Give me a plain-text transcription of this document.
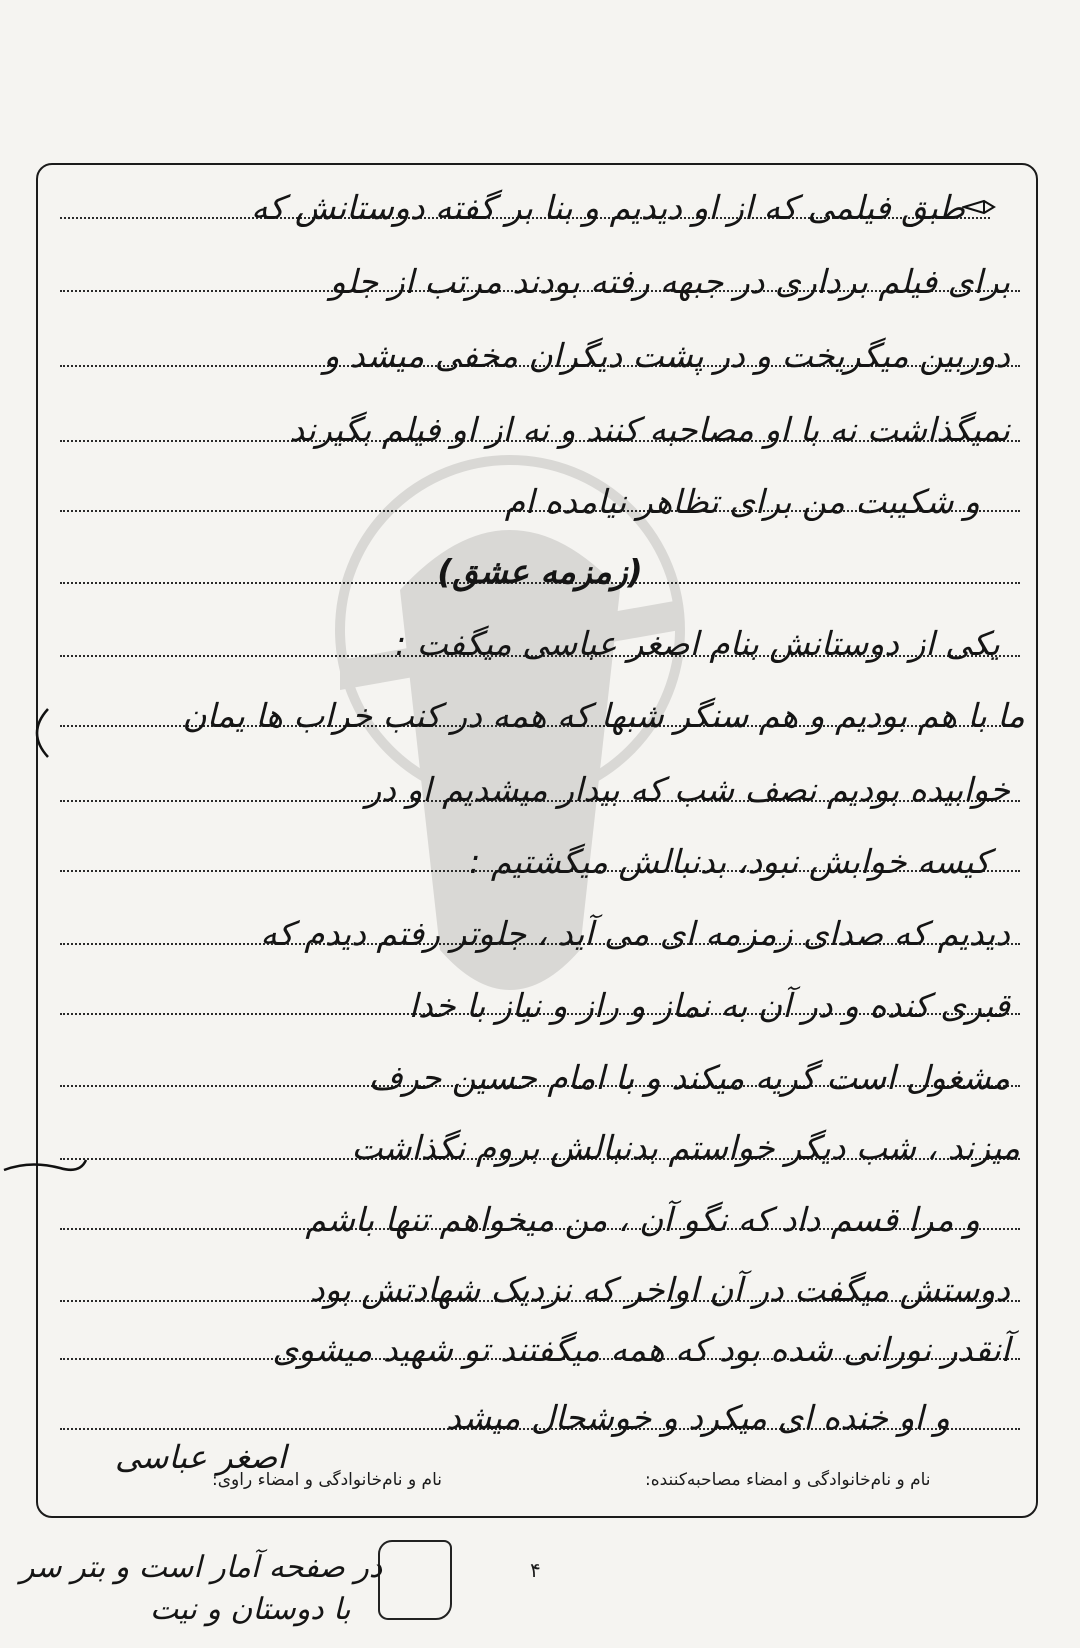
طبق فیلمی که از او دیدیم و بنا بر گفته دوستانش که
برای فیلم برداری در جبهه رفته بودند مرتب از جلو
دوربین میگریخت و در پشت دیگران مخفی میشد و
نمیگذاشت نه با او مصاحبه کنند و نه از او فیلم بگیرند
و شکیبت من برای تظاهر نیامده ام
(زمزمه عشق)
یکی از دوستانش بنام اصغر عباسی میگفت :
ما با هم بودیم و هم سنگر شبها که همه در کنب خراب ها یمان
خوابیده بودیم نصف شب که بیدار میشدیم او در
کیسه خوابش نبود، بدنبالش میگشتیم :
دیدیم که صدای زمزمه ای می آید ، جلوتر رفتم دیدم که
قبری کنده و در آن به نماز و راز و نیاز با خدا
مشغول است گریه میکند و با امام حسین حرف
میزند ، شب دیگر خواستم بدنبالش بروم نگذاشت
و مرا قسم داد که نگو آن ، من میخواهم تنها باشم
دوستش میگفت در آن اواخر که نزدیک شهادتش بود
آنقدر نورانی شده بود که همه میگفتند تو شهید میشوی
و او خنده ای میکرد و خوشحال میشد
اصغر عباسی
نام و نام‌خانوادگی و امضاء راوی:	نام و نام‌خانوادگی و امضاء مصاحبه‌کننده:
۴
در صفحه آمار است و بتر سر
با دوستان و نیت
